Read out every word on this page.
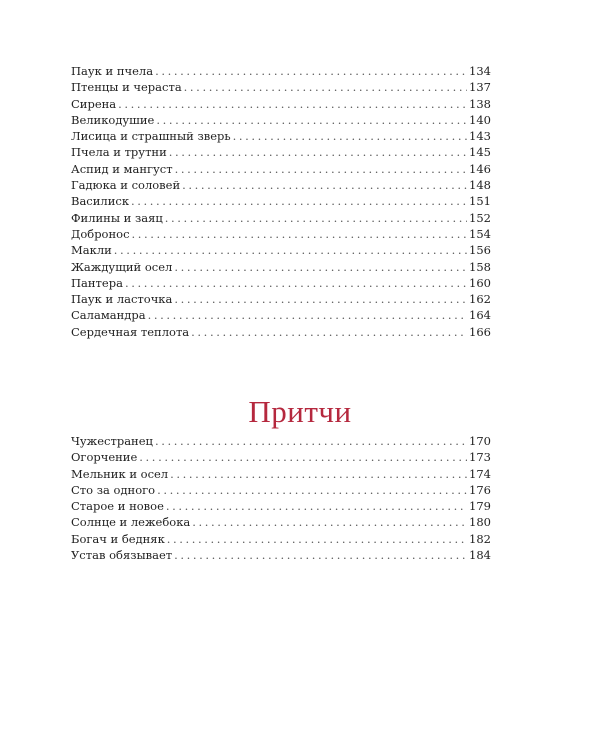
Паук и пчела .....	134
Птенцы и чераста .....	137
Сирена .....	138
Великодушие .....	140
Лисица и страшный зверь .....	143
Пчела и трутни .....	145
Аспид и мангуст .....	146
Гадюка и соловей .....	148
Василиск .....	151
Филины и заяц .....	152
Добронос .....	154
Макли .....	156
Жаждущий осел .....	158
Пантера .....	160
Паук и ласточка .....	162
Саламандра .....	164
Сердечная теплота .....	166
Притчи
Чужестранец .....	170
Огорчение .....	173
Мельник и осел .....	174
Сто за одного .....	176
Старое и новое .....	179
Солнце и лежебока .....	180
Богач и бедняк .....	182
Устав обязывает .....	184
